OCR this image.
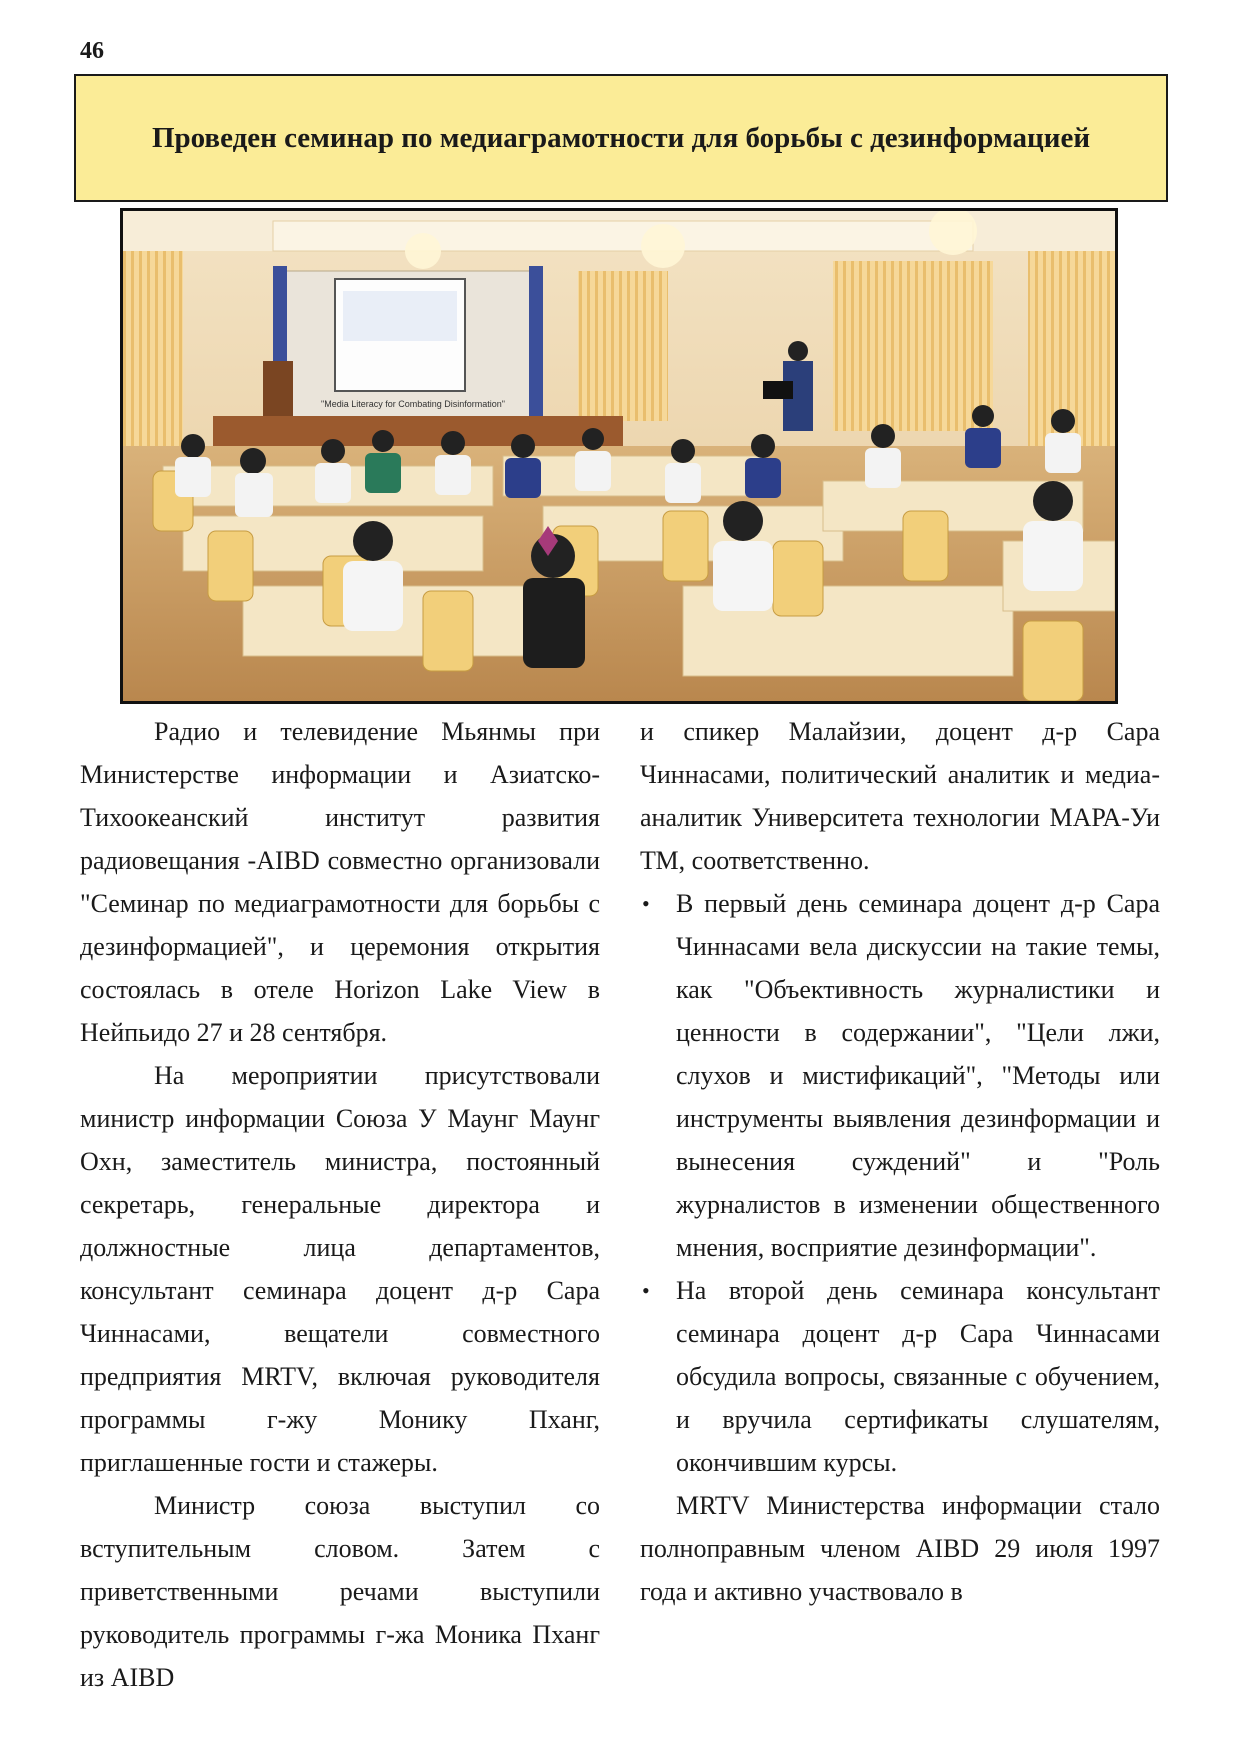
46
Проведен семинар по медиаграмотности для борьбы с дезинформацией
"Media Literacy for Combating Disinformation"

Радио и телевидение Мьянмы при Министерстве информации и Азиатско-Тихоокеанский институт развития радиовещания -AIBD совместно организовали "Семинар по медиаграмотности для борьбы с дезинформацией", и церемония открытия состоялась в отеле Horizon Lake View в Нейпьидо 27 и 28 сентября.

На мероприятии присутствовали министр информации Союза У Маунг Маунг Охн, заместитель министра, постоянный секретарь, генеральные директора и должностные лица департаментов, консультант семинара доцент д-р Сара Чиннасами, вещатели совместного предприятия MRTV, включая руководителя программы г-жу Монику Пханг, приглашенные гости и стажеры.

Министр союза выступил со вступительным словом. Затем с приветственными речами выступили руководитель программы г-жа Моника Пханг из AIBD

и спикер Малайзии, доцент д-р Сара Чиннасами, политический аналитик и медиа-аналитик Университета технологии МАРА-Уи ТМ, соответственно.

• В первый день семинара доцент д-р Сара Чиннасами вела дискуссии на такие темы, как "Объективность журналистики и ценности в содержании", "Цели лжи, слухов и мистификаций", "Методы или инструменты выявления дезинформации и вынесения суждений" и "Роль журналистов в изменении общественного мнения, восприятие дезинформации".
• На второй день семинара консультант семинара доцент д-р Сара Чиннасами обсудила вопросы, связанные с обучением, и вручила сертификаты слушателям, окончившим курсы.

MRTV Министерства информации стало полноправным членом AIBD 29 июля 1997 года и активно участвовало в
